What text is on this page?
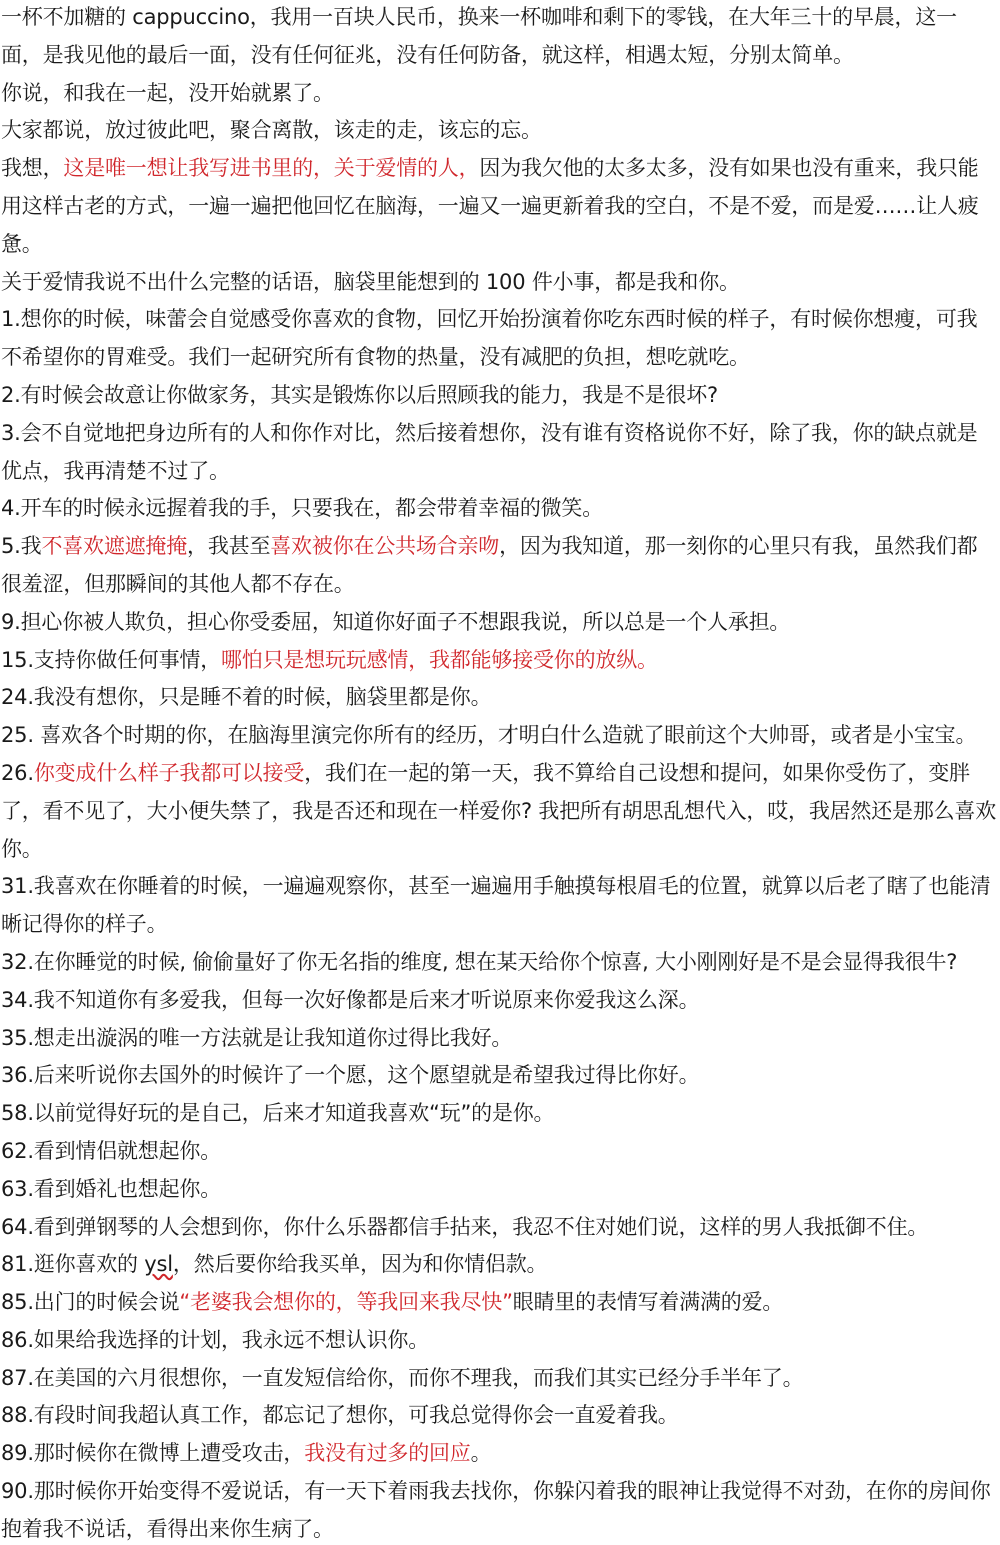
一杯不加糖的 cappuccino，我用一百块人民币，换来一杯咖啡和剩下的零钱，在大年三十的早晨，这一面，是我见他的最后一面，没有任何征兆，没有任何防备，就这样，相遇太短，分别太简单。

你说，和我在一起，没开始就累了。

大家都说，放过彼此吧，聚合离散，该走的走，该忘的忘。

我想，这是唯一想让我写进书里的，关于爱情的人，因为我欠他的太多太多，没有如果也没有重来，我只能用这样古老的方式，一遍一遍把他回忆在脑海，一遍又一遍更新着我的空白，不是不爱，而是爱……让人疲惫。

关于爱情我说不出什么完整的话语，脑袋里能想到的 100 件小事，都是我和你。

1.想你的时候，味蕾会自觉感受你喜欢的食物，回忆开始扮演着你吃东西时候的样子，有时候你想瘦，可我不希望你的胃难受。我们一起研究所有食物的热量，没有减肥的负担，想吃就吃。

2.有时候会故意让你做家务，其实是锻炼你以后照顾我的能力，我是不是很坏?

3.会不自觉地把身边所有的人和你作对比，然后接着想你，没有谁有资格说你不好，除了我，你的缺点就是优点，我再清楚不过了。

4.开车的时候永远握着我的手，只要我在，都会带着幸福的微笑。

5.我不喜欢遮遮掩掩，我甚至喜欢被你在公共场合亲吻，因为我知道，那一刻你的心里只有我，虽然我们都很羞涩，但那瞬间的其他人都不存在。

9.担心你被人欺负，担心你受委屈，知道你好面子不想跟我说，所以总是一个人承担。

15.支持你做任何事情，哪怕只是想玩玩感情，我都能够接受你的放纵。

24.我没有想你，只是睡不着的时候，脑袋里都是你。

25. 喜欢各个时期的你，在脑海里演完你所有的经历，才明白什么造就了眼前这个大帅哥，或者是小宝宝。

26.你变成什么样子我都可以接受，我们在一起的第一天，我不算给自己设想和提问，如果你受伤了，变胖了，看不见了，大小便失禁了，我是否还和现在一样爱你? 我把所有胡思乱想代入，哎，我居然还是那么喜欢你。

31.我喜欢在你睡着的时候，一遍遍观察你，甚至一遍遍用手触摸每根眉毛的位置，就算以后老了瞎了也能清晰记得你的样子。

32.在你睡觉的时候, 偷偷量好了你无名指的维度, 想在某天给你个惊喜, 大小刚刚好是不是会显得我很牛?

34.我不知道你有多爱我，但每一次好像都是后来才听说原来你爱我这么深。

35.想走出漩涡的唯一方法就是让我知道你过得比我好。

36.后来听说你去国外的时候许了一个愿，这个愿望就是希望我过得比你好。

58.以前觉得好玩的是自己，后来才知道我喜欢“玩”的是你。

62.看到情侣就想起你。

63.看到婚礼也想起你。

64.看到弹钢琴的人会想到你，你什么乐器都信手拈来，我忍不住对她们说，这样的男人我抵御不住。

81.逛你喜欢的 ysl，然后要你给我买单，因为和你情侣款。

85.出门的时候会说“老婆我会想你的，等我回来我尽快”眼睛里的表情写着满满的爱。

86.如果给我选择的计划，我永远不想认识你。

87.在美国的六月很想你，一直发短信给你，而你不理我，而我们其实已经分手半年了。

88.有段时间我超认真工作，都忘记了想你，可我总觉得你会一直爱着我。

89.那时候你在微博上遭受攻击，我没有过多的回应。

90.那时候你开始变得不爱说话，有一天下着雨我去找你，你躲闪着我的眼神让我觉得不对劲，在你的房间你抱着我不说话，看得出来你生病了。
